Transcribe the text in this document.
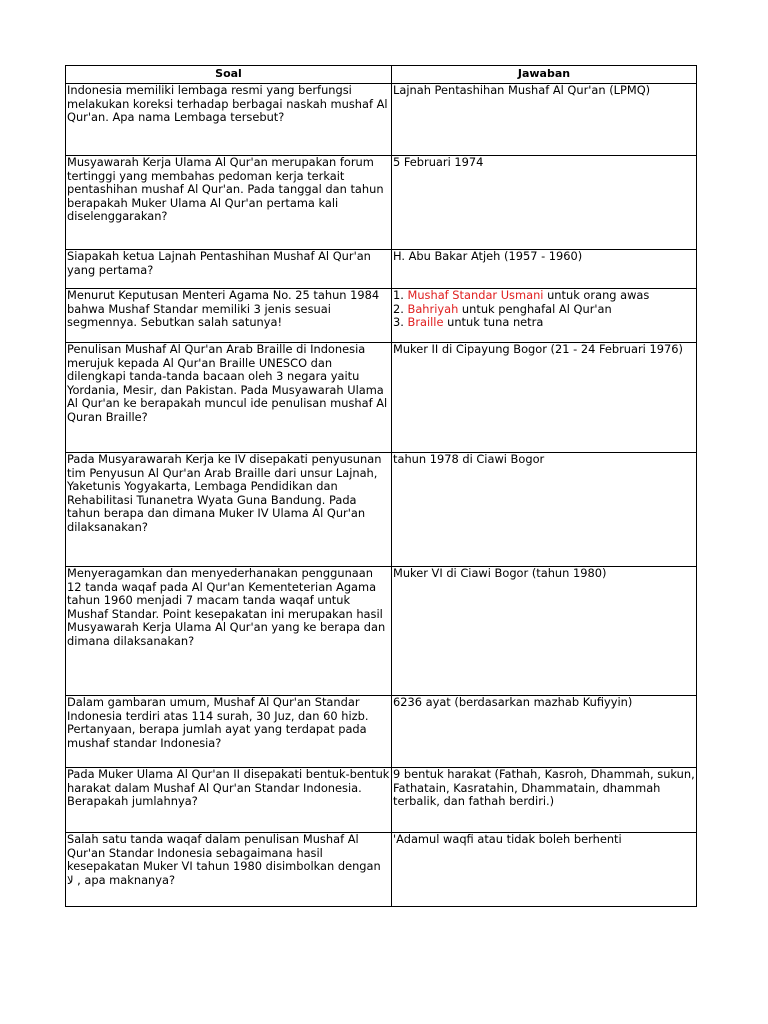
Soal	Jawaban
Indonesia memiliki lembaga resmi yang berfungsi melakukan koreksi terhadap berbagai naskah mushaf Al Qur'an. Apa nama Lembaga tersebut?	Lajnah Pentashihan Mushaf Al Qur'an (LPMQ)
Musyawarah Kerja Ulama Al Qur'an merupakan forum tertinggi yang membahas pedoman kerja terkait pentashihan mushaf Al Qur'an. Pada tanggal dan tahun berapakah Muker Ulama Al Qur'an pertama kali diselenggarakan?	5 Februari 1974
Siapakah ketua Lajnah Pentashihan Mushaf Al Qur'an yang pertama?	H. Abu Bakar Atjeh (1957 - 1960)
Menurut Keputusan Menteri Agama No. 25 tahun 1984 bahwa Mushaf Standar memiliki 3 jenis sesuai segmennya. Sebutkan salah satunya!	1. Mushaf Standar Usmani untuk orang awas
2. Bahriyah untuk penghafal Al Qur'an
3. Braille untuk tuna netra

Penulisan Mushaf Al Qur'an Arab Braille di Indonesia merujuk kepada Al Qur'an Braille UNESCO dan dilengkapi tanda-tanda bacaan oleh 3 negara yaitu Yordania, Mesir, dan Pakistan. Pada Musyawarah Ulama Al Qur'an ke berapakah muncul ide penulisan mushaf Al Quran Braille?	Muker II di Cipayung Bogor (21 - 24 Februari 1976)
Pada Musyarawarah Kerja ke IV disepakati penyusunan tim Penyusun Al Qur'an Arab Braille dari unsur Lajnah, Yaketunis Yogyakarta, Lembaga Pendidikan dan Rehabilitasi Tunanetra Wyata Guna Bandung. Pada tahun berapa dan dimana Muker IV Ulama Al Qur'an dilaksanakan?	tahun 1978 di Ciawi Bogor
Menyeragamkan dan menyederhanakan penggunaan 12 tanda waqaf pada Al Qur'an Kementeterian Agama tahun 1960 menjadi 7 macam tanda waqaf untuk Mushaf Standar. Point kesepakatan ini merupakan hasil Musyawarah Kerja Ulama Al Qur'an yang ke berapa dan dimana dilaksanakan?	Muker VI di Ciawi Bogor (tahun 1980)
Dalam gambaran umum, Mushaf Al Qur'an Standar Indonesia terdiri atas 114 surah, 30 Juz, dan 60 hizb. Pertanyaan, berapa jumlah ayat yang terdapat pada mushaf standar Indonesia?	6236 ayat (berdasarkan mazhab Kufiyyin)
Pada Muker Ulama Al Qur'an II disepakati bentuk-bentuk harakat dalam Mushaf Al Qur'an Standar Indonesia. Berapakah jumlahnya?	9 bentuk harakat (Fathah, Kasroh, Dhammah, sukun, Fathatain, Kasratahin, Dhammatain, dhammah terbalik, dan fathah berdiri.)
Salah satu tanda waqaf dalam penulisan Mushaf Al Qur'an Standar Indonesia sebagaimana hasil kesepakatan Muker VI tahun 1980 disimbolkan dengan لا , apa maknanya?	'Adamul waqfi atau tidak boleh berhenti
